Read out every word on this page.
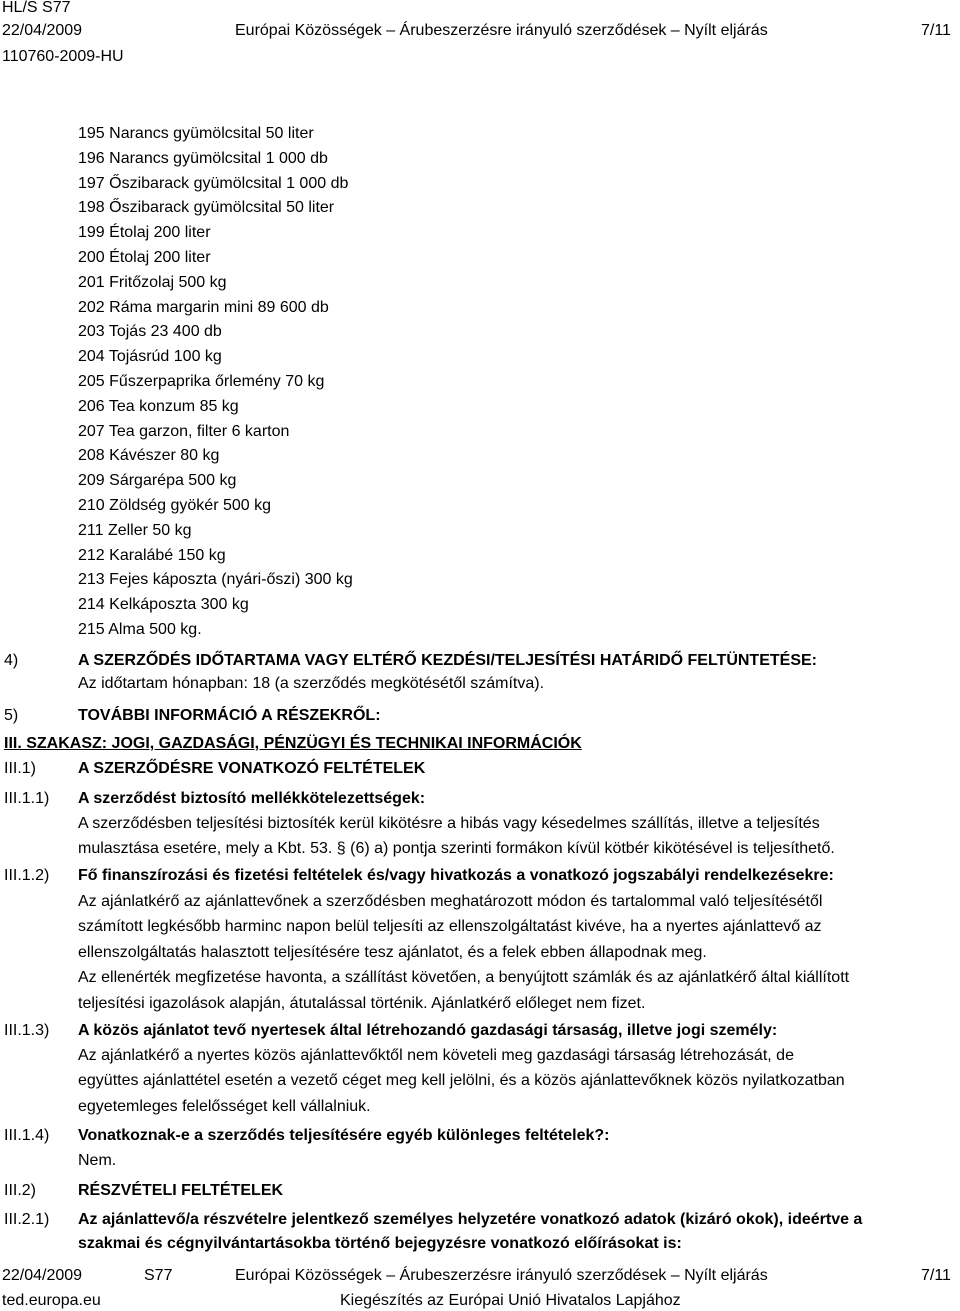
HL/S S77
22/04/2009
110760-2009-HU
Európai Közösségek – Árubeszerzésre irányuló szerződések – Nyílt eljárás	7/11
195 Narancs gyümölcsital 50 liter
196 Narancs gyümölcsital 1 000 db
197 Őszibarack gyümölcsital 1 000 db
198 Őszibarack gyümölcsital 50 liter
199 Étolaj 200 liter
200 Étolaj 200 liter
201 Fritőzolaj 500 kg
202 Ráma margarin mini 89 600 db
203 Tojás 23 400 db
204 Tojásrúd 100 kg
205 Fűszerpaprika őrlemény 70 kg
206 Tea konzum 85 kg
207 Tea garzon, filter 6 karton
208 Kávészer 80 kg
209 Sárgarépa 500 kg
210 Zöldség gyökér 500 kg
211 Zeller 50 kg
212 Karalábé 150 kg
213 Fejes káposzta (nyári-őszi) 300 kg
214 Kelkáposzta 300 kg
215 Alma 500 kg.
4)	A SZERZŐDÉS IDŐTARTAMA VAGY ELTÉRŐ KEZDÉSI/TELJESÍTÉSI HATÁRIDŐ FELTÜNTETÉSE:
Az időtartam hónapban: 18 (a szerződés megkötésétől számítva).
5)	TOVÁBBI INFORMÁCIÓ A RÉSZEKRŐL:
III. SZAKASZ: JOGI, GAZDASÁGI, PÉNZÜGYI ÉS TECHNIKAI INFORMÁCIÓK
III.1)	A SZERZŐDÉSRE VONATKOZÓ FELTÉTELEK
III.1.1) A szerződést biztosító mellékkötelezettségek:
A szerződésben teljesítési biztosíték kerül kikötésre a hibás vagy késedelmes szállítás, illetve a teljesítés
mulasztása esetére, mely a Kbt. 53. § (6) a) pontja szerinti formákon kívül kötbér kikötésével is teljesíthető.
III.1.2) Fő finanszírozási és fizetési feltételek és/vagy hivatkozás a vonatkozó jogszabályi rendelkezésekre:
Az ajánlatkérő az ajánlattevőnek a szerződésben meghatározott módon és tartalommal való teljesítésétől
számított legkésőbb harminc napon belül teljesíti az ellenszolgáltatást kivéve, ha a nyertes ajánlattevő az
ellenszolgáltatás halasztott teljesítésére tesz ajánlatot, és a felek ebben állapodnak meg.
Az ellenérték megfizetése havonta, a szállítást követően, a benyújtott számlák és az ajánlatkérő által kiállított
teljesítési igazolások alapján, átutalással történik. Ajánlatkérő előleget nem fizet.
III.1.3) A közös ajánlatot tevő nyertesek által létrehozandó gazdasági társaság, illetve jogi személy:
Az ajánlatkérő a nyertes közös ajánlattevőktől nem követeli meg gazdasági társaság létrehozását, de
együttes ajánlattétel esetén a vezető céget meg kell jelölni, és a közös ajánlattevőknek közös nyilatkozatban
egyetemleges felelősséget kell vállalniuk.
III.1.4) Vonatkoznak-e a szerződés teljesítésére egyéb különleges feltételek?:
Nem.
III.2)	RÉSZVÉTELI FELTÉTELEK
III.2.1) Az ajánlattevő/a részvételre jelentkező személyes helyzetére vonatkozó adatok (kizáró okok), ideértve a
szakmai és cégnyilvántartásokba történő bejegyzésre vonatkozó előírásokat is:
22/04/2009	S77	Európai Közösségek – Árubeszerzésre irányuló szerződések – Nyílt eljárás	7/11
ted.europa.eu	Kiegészítés az Európai Unió Hivatalos Lapjához
